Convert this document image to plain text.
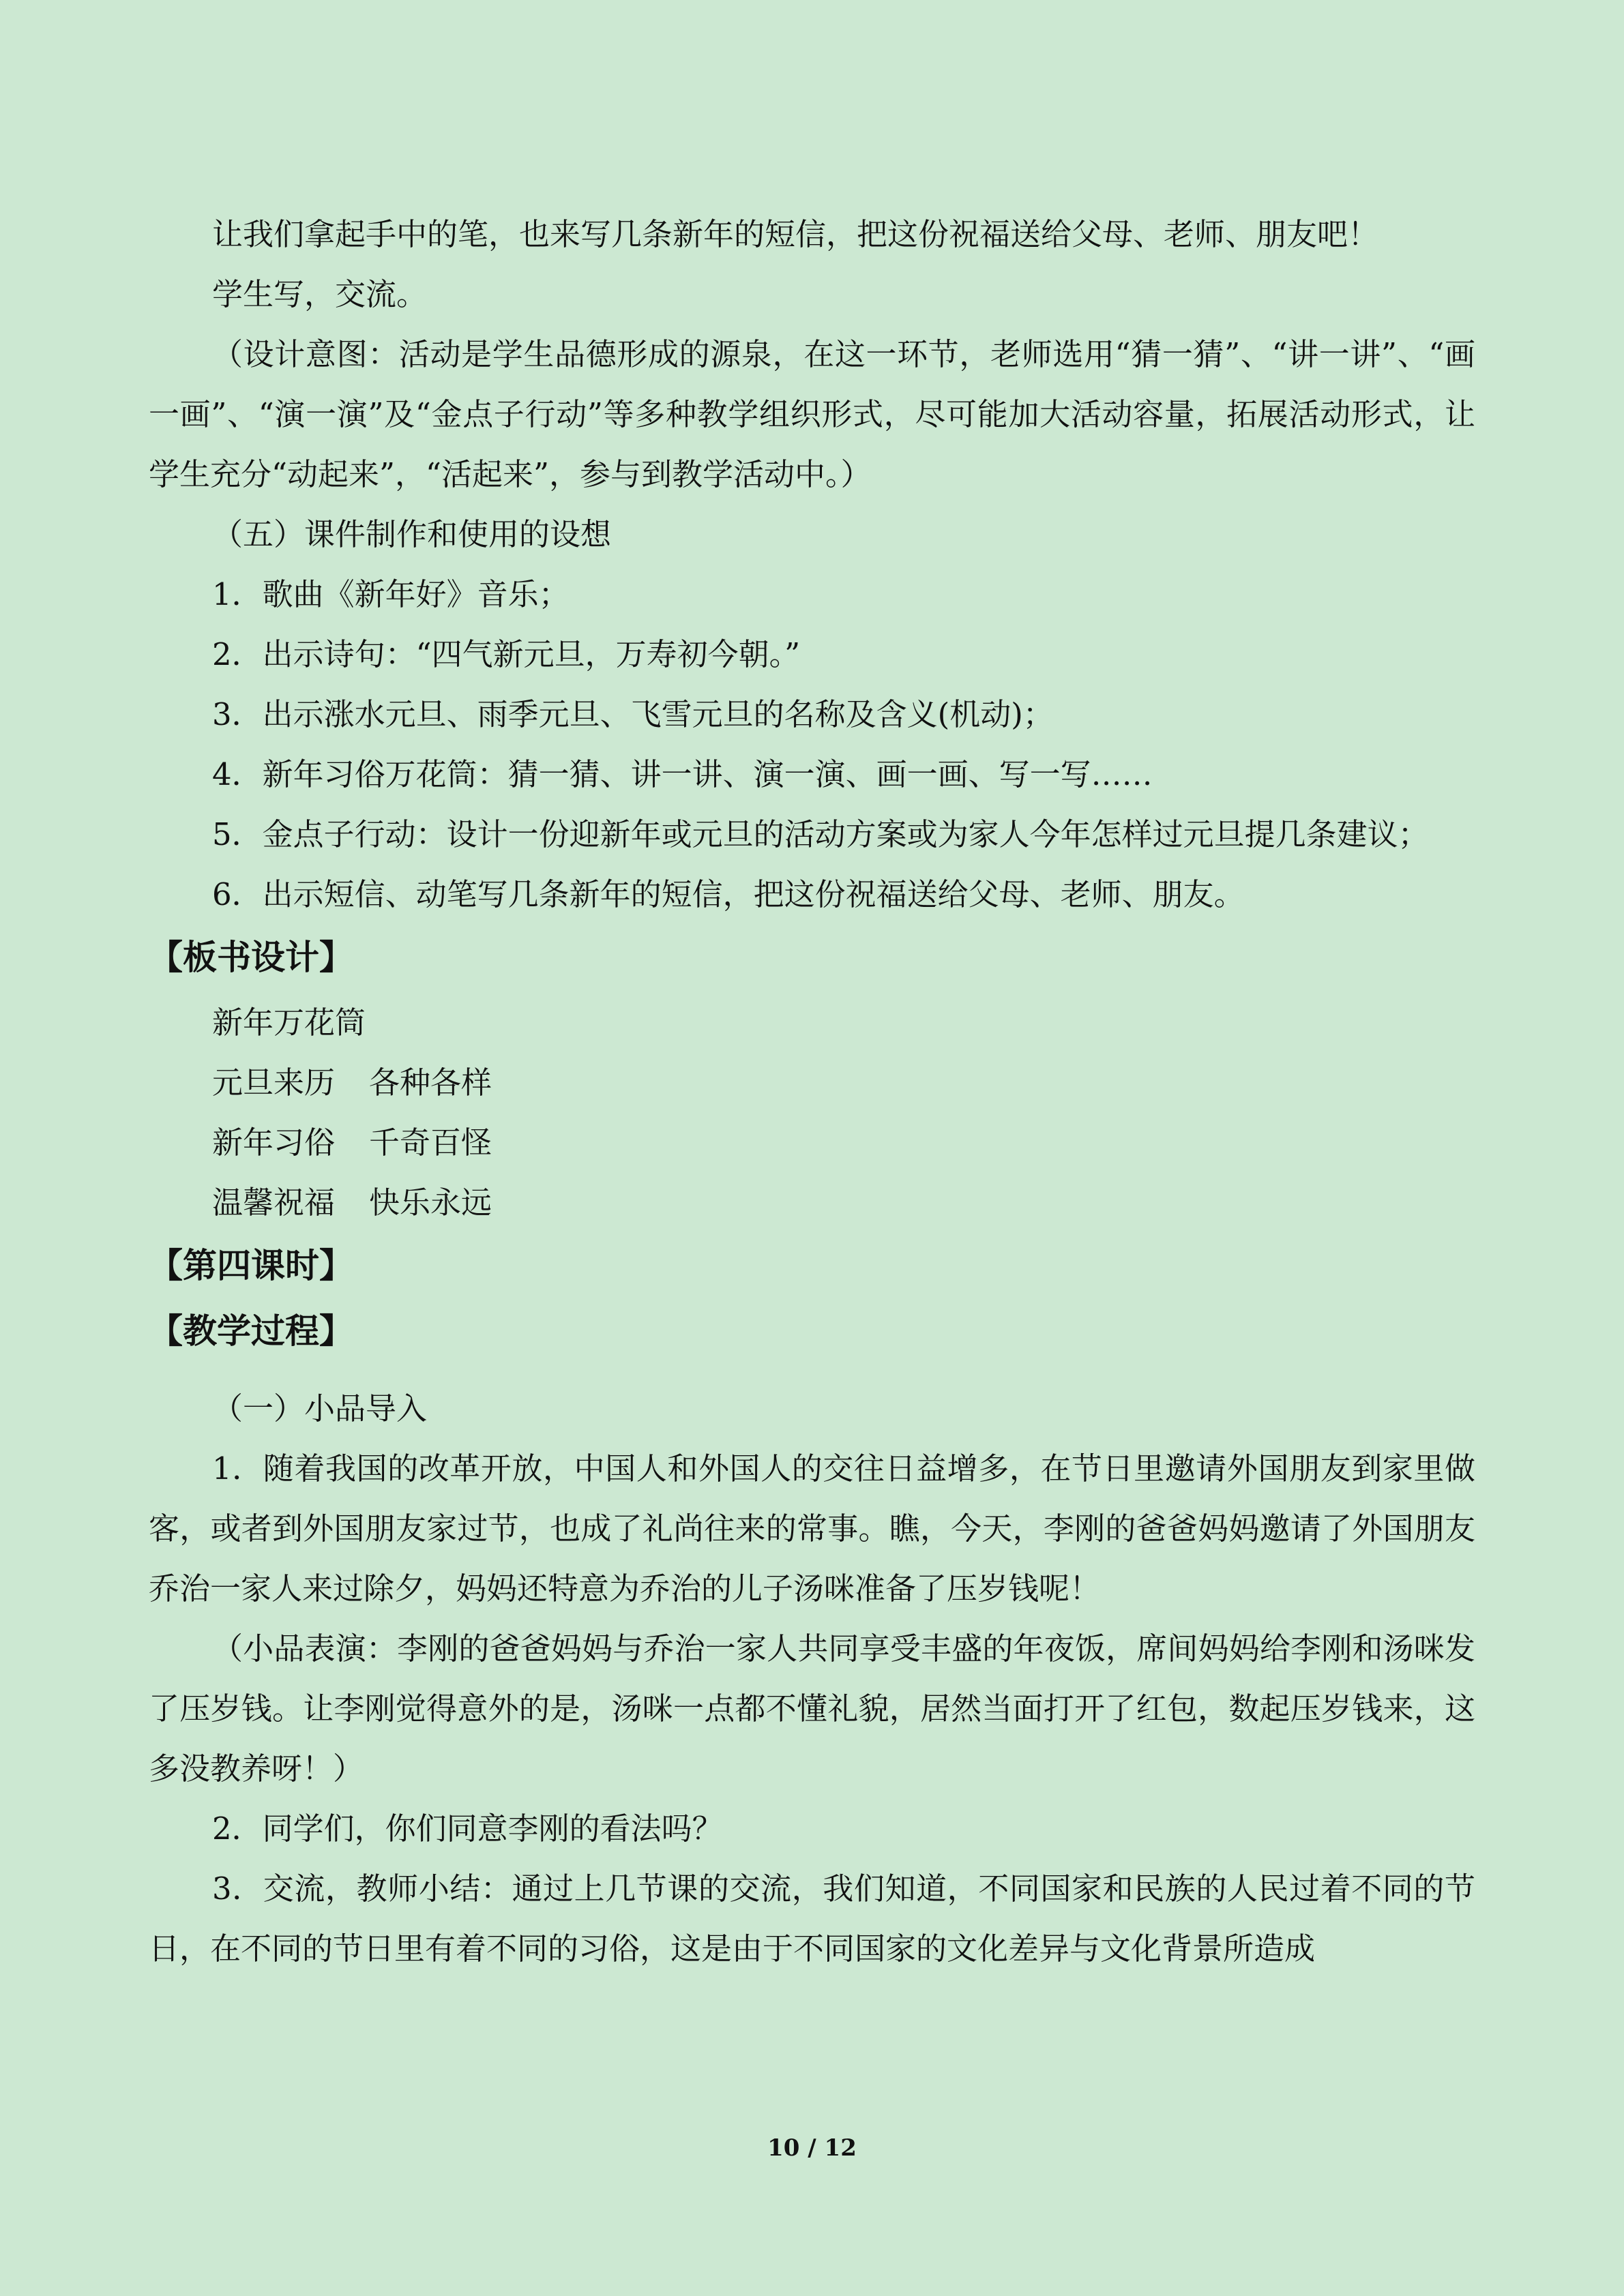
让我们拿起手中的笔，也来写几条新年的短信，把这份祝福送给父母、老师、朋友吧！

学生写，交流。

（设计意图：活动是学生品德形成的源泉，在这一环节，老师选用“猜一猜”、“讲一讲”、“画一画”、“演一演”及“金点子行动”等多种教学组织形式，尽可能加大活动容量，拓展活动形式，让学生充分“动起来”，“活起来”，参与到教学活动中。）

（五）课件制作和使用的设想

1．歌曲《新年好》音乐；

2．出示诗句：“四气新元旦，万寿初今朝。”

3．出示涨水元旦、雨季元旦、飞雪元旦的名称及含义(机动)；

4．新年习俗万花筒：猜一猜、讲一讲、演一演、画一画、写一写……

5．金点子行动：设计一份迎新年或元旦的活动方案或为家人今年怎样过元旦提几条建议；

6．出示短信、动笔写几条新年的短信，把这份祝福送给父母、老师、朋友。

【板书设计】

新年万花筒

元旦来历 各种各样

新年习俗 千奇百怪

温馨祝福 快乐永远

【第四课时】
【教学过程】

（一）小品导入

1．随着我国的改革开放，中国人和外国人的交往日益增多，在节日里邀请外国朋友到家里做客，或者到外国朋友家过节，也成了礼尚往来的常事。瞧，今天，李刚的爸爸妈妈邀请了外国朋友乔治一家人来过除夕，妈妈还特意为乔治的儿子汤咪准备了压岁钱呢！

（小品表演：李刚的爸爸妈妈与乔治一家人共同享受丰盛的年夜饭，席间妈妈给李刚和汤咪发了压岁钱。让李刚觉得意外的是，汤咪一点都不懂礼貌，居然当面打开了红包，数起压岁钱来，这多没教养呀！）

2．同学们，你们同意李刚的看法吗？

3．交流，教师小结：通过上几节课的交流，我们知道，不同国家和民族的人民过着不同的节日，在不同的节日里有着不同的习俗，这是由于不同国家的文化差异与文化背景所造成

10 / 12
